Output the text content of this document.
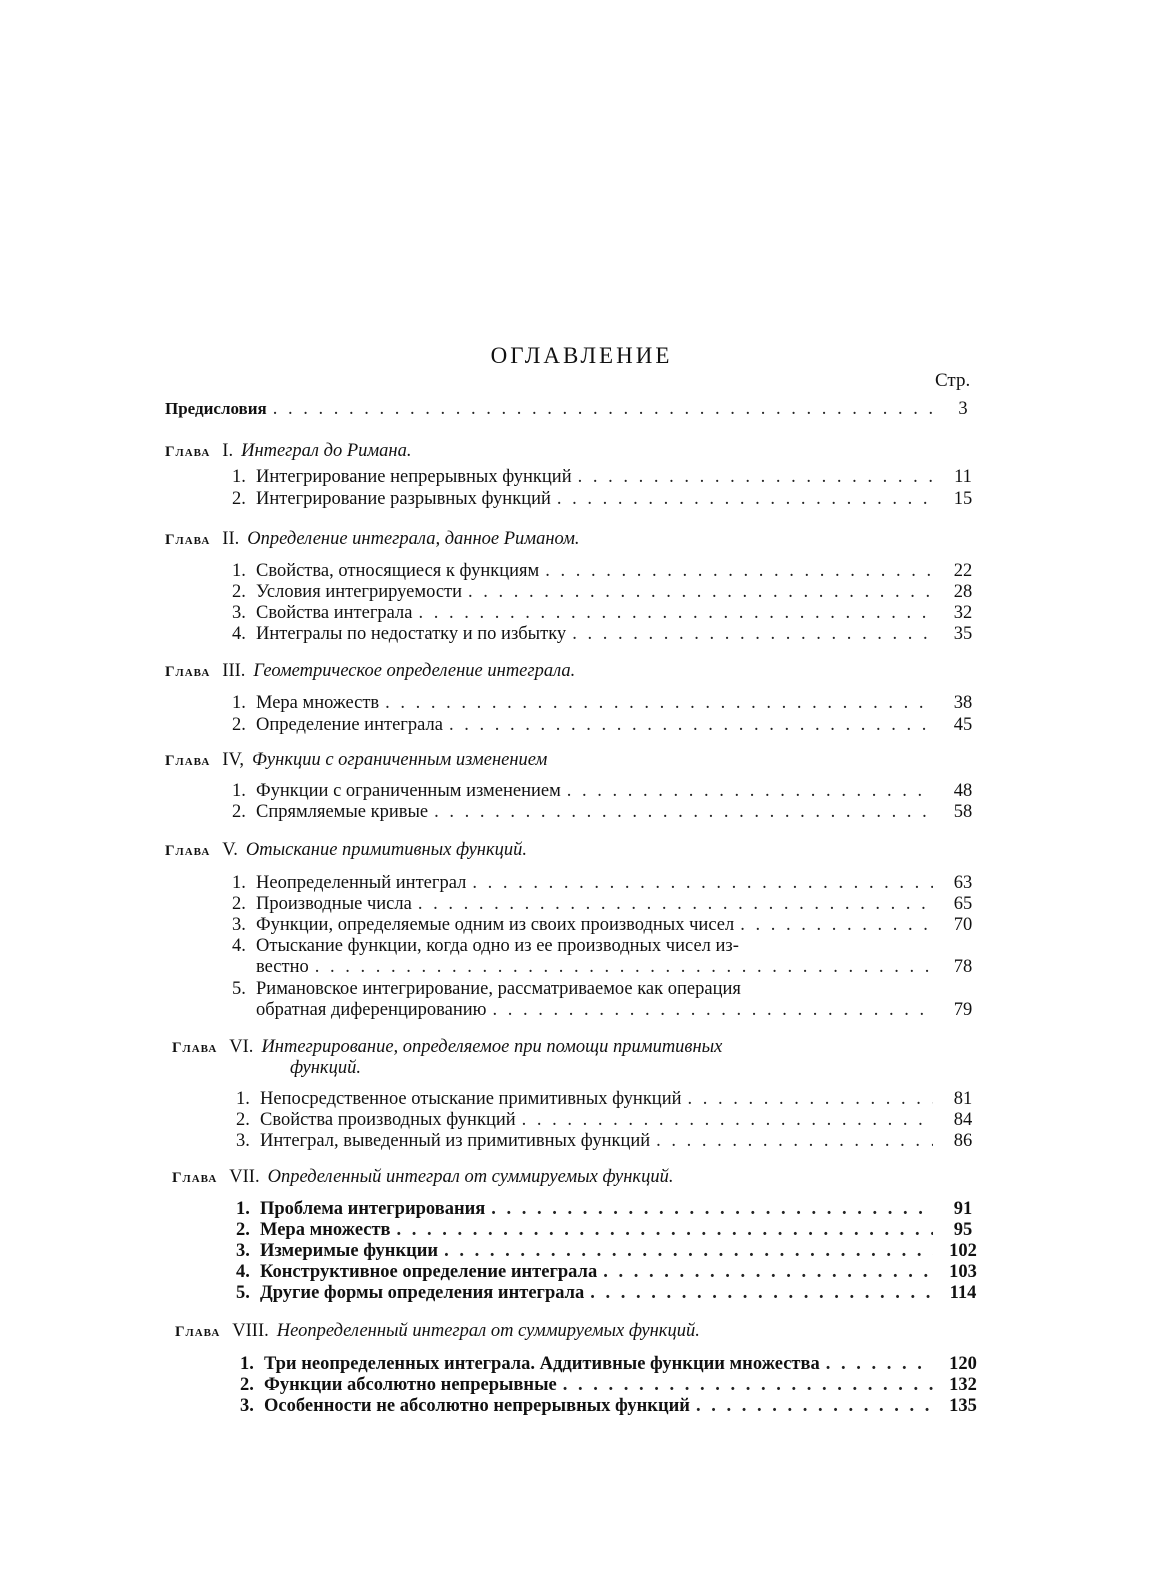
ОГЛАВЛЕНИЕ
Стр.
Предисловия . . .	3
Глава I. Интеграл до Римана.
1. Интегрирование непрерывных функций . . .	11
2. Интегрирование разрывных функций . . .	15
Глава II. Определение интеграла, данное Риманом.
1. Свойства, относящиеся к функциям . . .	22
2. Условия интегрируемости . . .	28
3. Свойства интеграла . . .	32
4. Интегралы по недостатку и по избытку . . .	35
Глава III. Геометрическое определение интеграла.
1. Мера множеств . . .	38
2. Определение интеграла . . .	45
Глава IV, Функции с ограниченным изменением
1. Функции с ограниченным изменением . . .	48
2. Спрямляемые кривые . . .	58
Глава V. Отыскание примитивных функций.
1. Неопределенный интеграл . . .	63
2. Производные числа . . .	65
3. Функции, определяемые одним из своих производных чисел . . .	70
4. Отыскание функции, когда одно из ее производных чисел из-
вестно . . .	78
5. Римановское интегрирование, рассматриваемое как операция
обратная диференцированию . . .	79
Глава VI. Интегрирование, определяемое при помощи примитивных
функций.
1. Непосредственное отыскание примитивных функций . . .	81
2. Свойства производных функций . . .	84
3. Интеграл, выведенный из примитивных функций . . .	86
Глава VII. Определенный интеграл от суммируемых функций.
1. Проблема интегрирования . . .	91
2. Мера множеств . . .	95
3. Измеримые функции . . .	102
4. Конструктивное определение интеграла . . .	103
5. Другие формы определения интеграла . . .	114
Глава VIII. Неопределенный интеграл от суммируемых функций.
1. Три неопределенных интеграла. Аддитивные функции множества . . .	120
2. Функции абсолютно непрерывные . . .	132
3. Особенности не абсолютно непрерывных функций . . .	135
